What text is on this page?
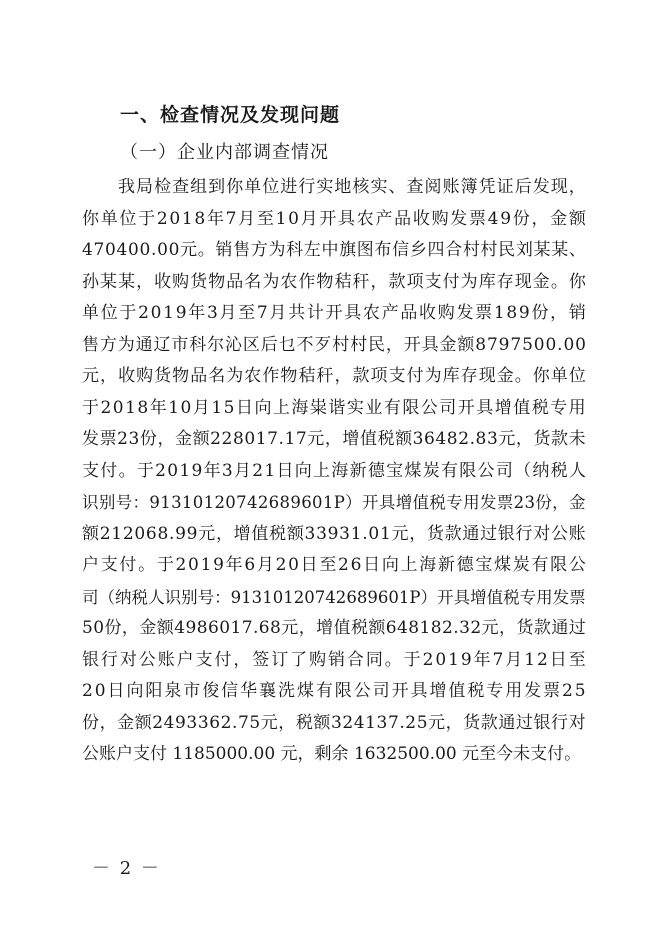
一、检查情况及发现问题
（一）企业内部调查情况
我 局 检 查 组 到 你 单 位 进 行 实 地 核 实 、 查 阅 账 簿 凭 证 后 发 现 ，
你 单 位 于 2 0 1 8 年 7 月 至 1 0 月 开 具 农 产 品 收 购 发 票 4 9 份 ， 金 额
4 7 0 4 0 0 . 0 0 元 。 销 售 方 为 科 左 中 旗 图 布 信 乡 四 合 村 村 民 刘 某 某 、
孙 某 某 ， 收 购 货 物 品 名 为 农 作 物 秸 秆 ， 款 项 支 付 为 库 存 现 金 。 你
单 位 于 2 0 1 9 年 3 月 至 7 月 共 计 开 具 农 产 品 收 购 发 票 1 8 9 份 ， 销
售 方 为 通 辽 市 科 尔 沁 区 后 乜 不 歹 村 村 民 ， 开 具 金 额 8 7 9 7 5 0 0 . 0 0
元 ， 收 购 货 物 品 名 为 农 作 物 秸 秆 ， 款 项 支 付 为 库 存 现 金 。 你 单 位
于 2 0 1 8 年 1 0 月 1 5 日 向 上 海 粜 谐 实 业 有 限 公 司 开 具 增 值 税 专 用
发 票 2 3 份 ， 金 额 2 2 8 0 1 7 . 1 7 元 ， 增 值 税 额 3 6 4 8 2 . 8 3 元 ， 货 款 未
支 付 。 于 2 0 1 9 年 3 月 2 1 日 向 上 海 新 德 宝 煤 炭 有 限 公 司 （ 纳 税 人
识 别 号 ： 9 1 3 1 0 1 2 0 7 4 2 6 8 9 6 0 1 P ） 开 具 增 值 税 专 用 发 票 2 3 份 ， 金
额 2 1 2 0 6 8 . 9 9 元 ， 增 值 税 额 3 3 9 3 1 . 0 1 元 ， 货 款 通 过 银 行 对 公 账
户 支 付 。 于 2 0 1 9 年 6 月 2 0 日 至 2 6 日 向 上 海 新 德 宝 煤 炭 有 限 公
司 （ 纳 税 人 识 别 号 ： 9 1 3 1 0 1 2 0 7 4 2 6 8 9 6 0 1 P ） 开 具 增 值 税 专 用 发 票
5 0 份 ， 金 额 4 9 8 6 0 1 7 . 6 8 元 ， 增 值 税 额 6 4 8 1 8 2 . 3 2 元 ， 货 款 通 过
银 行 对 公 账 户 支 付 ， 签 订 了 购 销 合 同 。 于 2 0 1 9 年 7 月 1 2 日 至
2 0 日 向 阳 泉 市 俊 信 华 襄 洗 煤 有 限 公 司 开 具 增 值 税 专 用 发 票 2 5
份 ， 金 额 2 4 9 3 3 6 2 . 7 5 元 ， 税 额 3 2 4 1 3 7 . 2 5 元 ， 货 款 通 过 银 行 对
公账户支付 1185000.00 元，剩余 1632500.00 元至今未支付。
－ 2 －
